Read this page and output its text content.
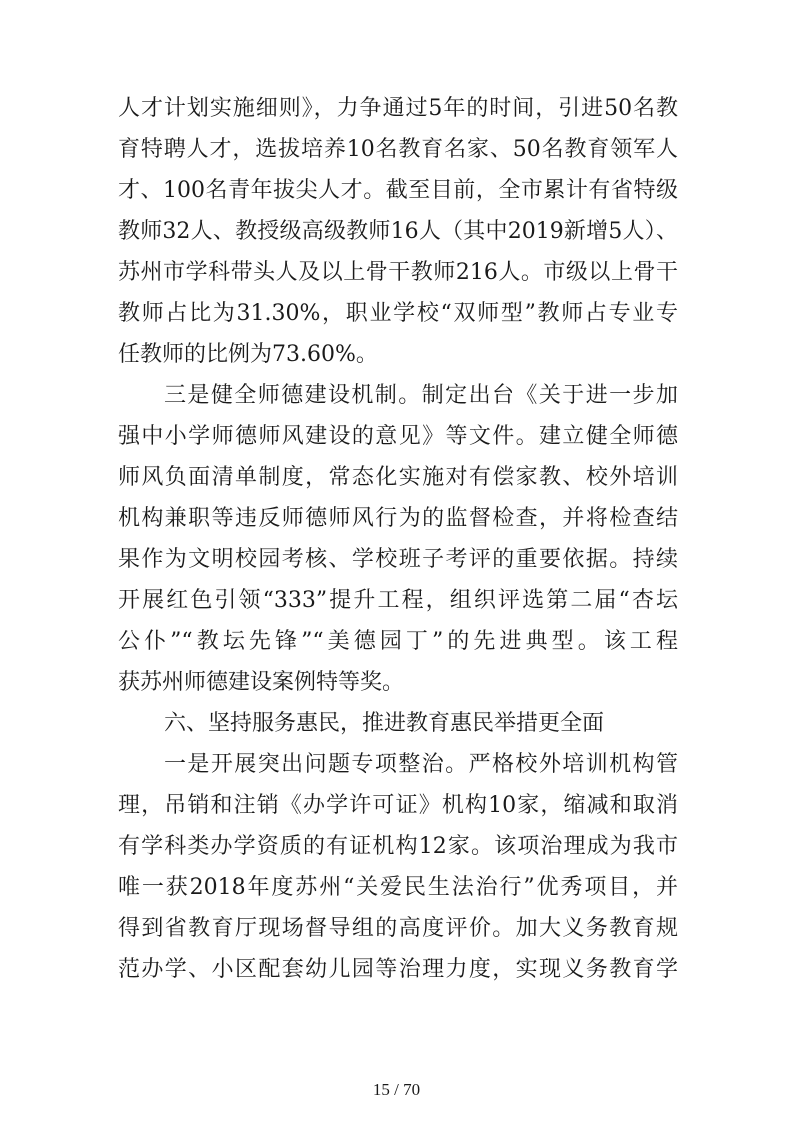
人才计划实施细则》，力争通过5年的时间，引进50名教
育特聘人才，选拔培养10名教育名家、50名教育领军人
才、100名青年拔尖人才。截至目前，全市累计有省特级
教师32人、教授级高级教师16人（其中2019新增5人）、
苏州市学科带头人及以上骨干教师216人。市级以上骨干
教师占比为31.30%，职业学校“双师型”教师占专业专
任教师的比例为73.60%。
三是健全师德建设机制。制定出台《关于进一步加
强中小学师德师风建设的意见》等文件。建立健全师德
师风负面清单制度，常态化实施对有偿家教、校外培训
机构兼职等违反师德师风行为的监督检查，并将检查结
果作为文明校园考核、学校班子考评的重要依据。持续
开展红色引领“333”提升工程，组织评选第二届“杏坛
公仆”“教坛先锋”“美德园丁”的先进典型。该工程
获苏州师德建设案例特等奖。
六、坚持服务惠民，推进教育惠民举措更全面
一是开展突出问题专项整治。严格校外培训机构管
理，吊销和注销《办学许可证》机构10家，缩减和取消
有学科类办学资质的有证机构12家。该项治理成为我市
唯一获2018年度苏州“关爱民生法治行”优秀项目，并
得到省教育厅现场督导组的高度评价。加大义务教育规
范办学、小区配套幼儿园等治理力度，实现义务教育学
15 / 70
